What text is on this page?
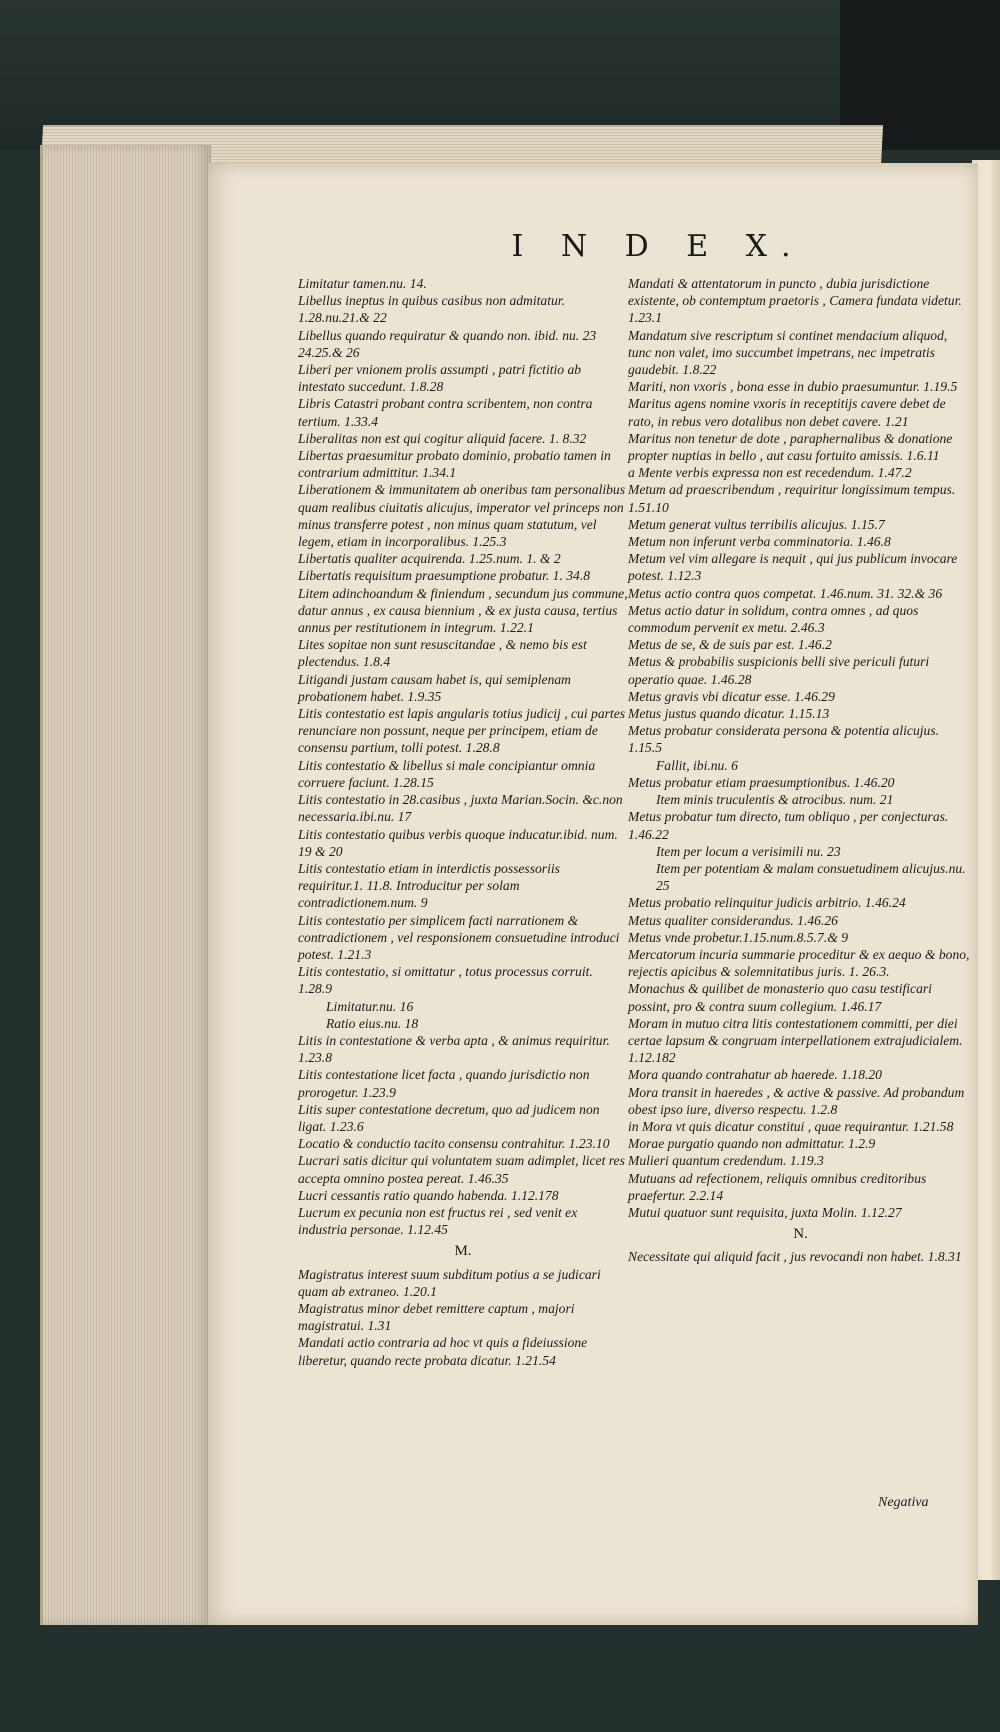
I N D E X.
Limitatur tamen.nu. 14.
Libellus ineptus in quibus casibus non admitatur. 1.28.nu.21.& 22
Libellus quando requiratur & quando non. ibid. nu. 23 24.25.& 26
Liberi per vnionem prolis assumpti , patri fictitio ab intestato succedunt. 1.8.28
Libris Catastri probant contra scribentem, non contra tertium. 1.33.4
Liberalitas non est qui cogitur aliquid facere. 1. 8.32
Libertas praesumitur probato dominio, probatio tamen in contrarium admittitur. 1.34.1
Liberationem & immunitatem ab oneribus tam personalibus quam realibus ciuitatis alicujus, imperator vel princeps non minus transferre potest , non minus quam statutum, vel legem, etiam in incorporalibus. 1.25.3
Libertatis qualiter acquirenda. 1.25.num. 1. & 2
Libertatis requisitum praesumptione probatur. 1. 34.8
Litem adinchoandum & finiendum , secundum jus commune, datur annus , ex causa biennium , & ex justa causa, tertius annus per restitutionem in integrum. 1.22.1
Lites sopitae non sunt resuscitandae , & nemo bis est plectendus. 1.8.4
Litigandi justam causam habet is, qui semiplenam probationem habet. 1.9.35
Litis contestatio est lapis angularis totius judicij , cui partes renunciare non possunt, neque per principem, etiam de consensu partium, tolli potest. 1.28.8
Litis contestatio & libellus si male concipiantur omnia corruere faciunt. 1.28.15
Litis contestatio in 28.casibus , juxta Marian.Socin. &c.non necessaria.ibi.nu. 17
Litis contestatio quibus verbis quoque inducatur.ibid. num. 19 & 20
Litis contestatio etiam in interdictis possessoriis requiritur.1. 11.8. Introducitur per solam contradictionem.num. 9
Litis contestatio per simplicem facti narrationem & contradictionem , vel responsionem consuetudine introduci potest. 1.21.3
Litis contestatio, si omittatur , totus processus corruit. 1.28.9
Limitatur.nu. 16
Ratio eius.nu. 18
Litis in contestatione & verba apta , & animus requiritur. 1.23.8
Litis contestatione licet facta , quando jurisdictio non prorogetur. 1.23.9
Litis super contestatione decretum, quo ad judicem non ligat. 1.23.6
Locatio & conductio tacito consensu contrahitur. 1.23.10
Lucrari satis dicitur qui voluntatem suam adimplet, licet res accepta omnino postea pereat. 1.46.35
Lucri cessantis ratio quando habenda. 1.12.178
Lucrum ex pecunia non est fructus rei , sed venit ex industria personae. 1.12.45
M.
Magistratus interest suum subditum potius a se judicari quam ab extraneo. 1.20.1
Magistratus minor debet remittere captum , majori magistratui. 1.31
Mandati actio contraria ad hoc vt quis a fideiussione liberetur, quando recte probata dicatur. 1.21.54
Mandati & attentatorum in puncto , dubia jurisdictione existente, ob contemptum praetoris , Camera fundata videtur. 1.23.1
Mandatum sive rescriptum si continet mendacium aliquod, tunc non valet, imo succumbet impetrans, nec impetratis gaudebit. 1.8.22
Mariti, non vxoris , bona esse in dubio praesumuntur. 1.19.5
Maritus agens nomine vxoris in receptitijs cavere debet de rato, in rebus vero dotalibus non debet cavere. 1.21
Maritus non tenetur de dote , paraphernalibus & donatione propter nuptias in bello , aut casu fortuito amissis. 1.6.11
a Mente verbis expressa non est recedendum. 1.47.2
Metum ad praescribendum , requiritur longissimum tempus. 1.51.10
Metum generat vultus terribilis alicujus. 1.15.7
Metum non inferunt verba comminatoria. 1.46.8
Metum vel vim allegare is nequit , qui jus publicum invocare potest. 1.12.3
Metus actio contra quos competat. 1.46.num. 31. 32.& 36
Metus actio datur in solidum, contra omnes , ad quos commodum pervenit ex metu. 2.46.3
Metus de se, & de suis par est. 1.46.2
Metus & probabilis suspicionis belli sive periculi futuri operatio quae. 1.46.28
Metus gravis vbi dicatur esse. 1.46.29
Metus justus quando dicatur. 1.15.13
Metus probatur considerata persona & potentia alicujus. 1.15.5
Fallit, ibi.nu. 6
Metus probatur etiam praesumptionibus. 1.46.20
Item minis truculentis & atrocibus. num. 21
Metus probatur tum directo, tum obliquo , per conjecturas. 1.46.22
Item per locum a verisimili nu. 23
Item per potentiam & malam consuetudinem alicujus.nu. 25
Metus probatio relinquitur judicis arbitrio. 1.46.24
Metus qualiter considerandus. 1.46.26
Metus vnde probetur.1.15.num.8.5.7.& 9
Mercatorum incuria summarie proceditur & ex aequo & bono, rejectis apicibus & solemnitatibus juris. 1. 26.3.
Monachus & quilibet de monasterio quo casu testificari possint, pro & contra suum collegium. 1.46.17
Moram in mutuo citra litis contestationem committi, per diei certae lapsum & congruam interpellationem extrajudicialem. 1.12.182
Mora quando contrahatur ab haerede. 1.18.20
Mora transit in haeredes , & active & passive. Ad probandum obest ipso iure, diverso respectu. 1.2.8
in Mora vt quis dicatur constitui , quae requirantur. 1.21.58
Morae purgatio quando non admittatur. 1.2.9
Mulieri quantum credendum. 1.19.3
Mutuans ad refectionem, reliquis omnibus creditoribus praefertur. 2.2.14
Mutui quatuor sunt requisita, juxta Molin. 1.12.27
N.
Necessitate qui aliquid facit , jus revocandi non habet. 1.8.31
Negativa
